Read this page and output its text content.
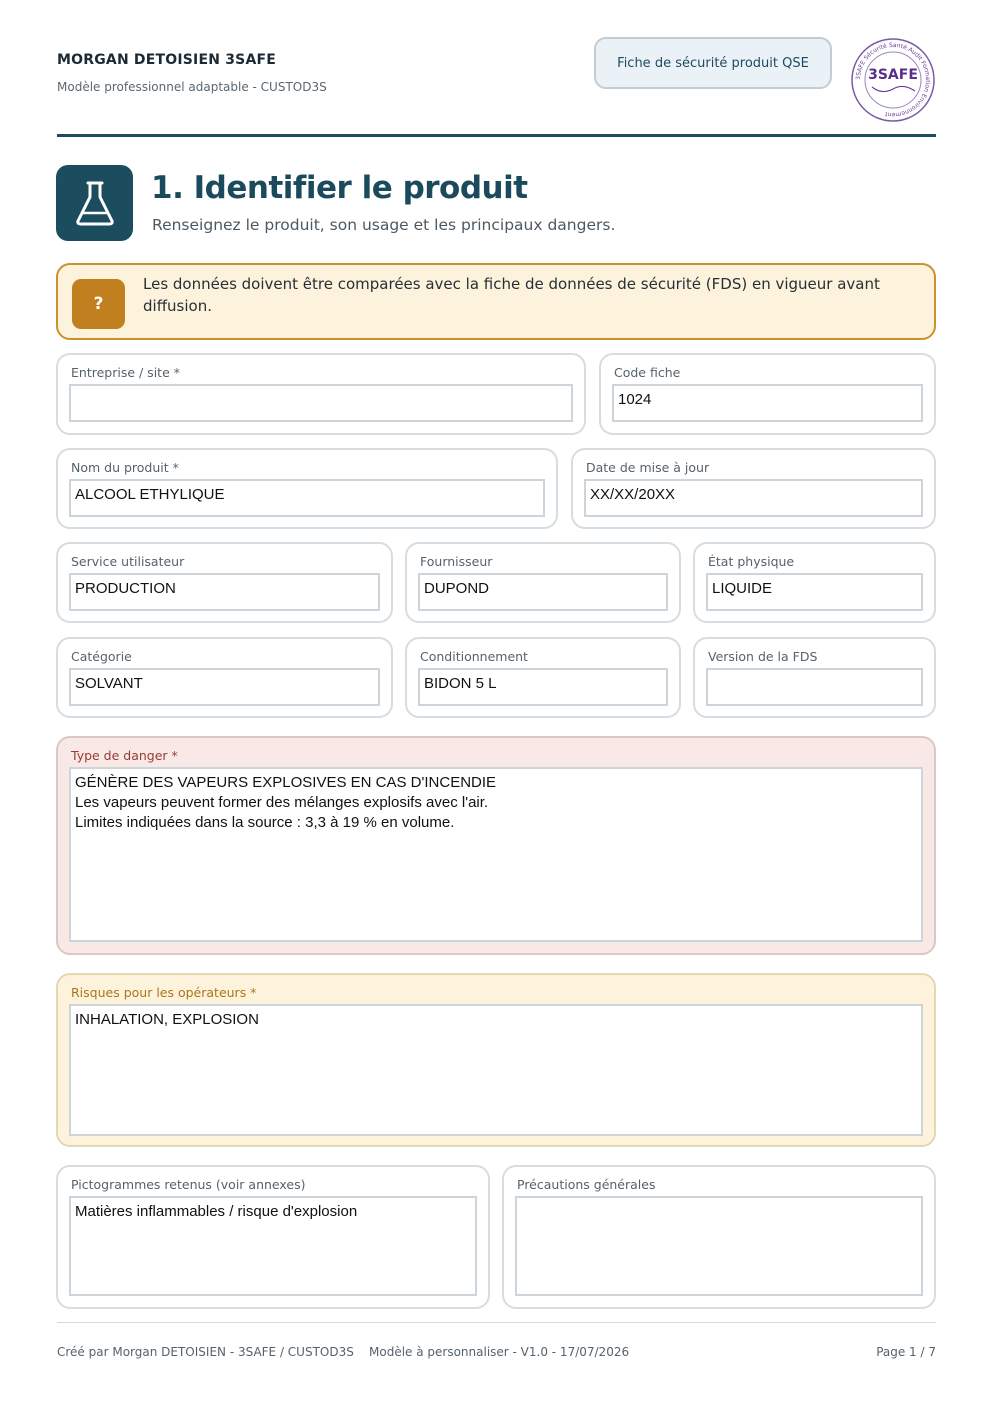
MORGAN DETOISIEN 3SAFE
Modèle professionnel adaptable - CUSTOD3S
Fiche de sécurité produit QSE
3SAFE Sécurité Santé Audit Formation Environnement
3SAFE
1. Identifier le produit
Renseignez le produit, son usage et les principaux dangers.
?
Les données doivent être comparées avec la fiche de données de sécurité (FDS) en vigueur avant diffusion.
Entreprise / site *	Code fiche
1024
Nom du produit *
ALCOOL ETHYLIQUE
Date de mise à jour
XX/XX/20XX
Service utilisateur
PRODUCTION
Fournisseur
DUPOND
État physique
LIQUIDE
Catégorie
SOLVANT
Conditionnement
BIDON 5 L
Version de la FDS
Type de danger *
GÉNÈRE DES VAPEURS EXPLOSIVES EN CAS D'INCENDIE
Les vapeurs peuvent former des mélanges explosifs avec l'air.
Limites indiquées dans la source : 3,3 à 19 % en volume.
Risques pour les opérateurs *
INHALATION, EXPLOSION
Pictogrammes retenus (voir annexes)
Matières inflammables / risque d'explosion
Précautions générales
Créé par Morgan DETOISIEN - 3SAFE / CUSTOD3S Modèle à personnaliser - V1.0 - 17/07/2026	Page 1 / 7
